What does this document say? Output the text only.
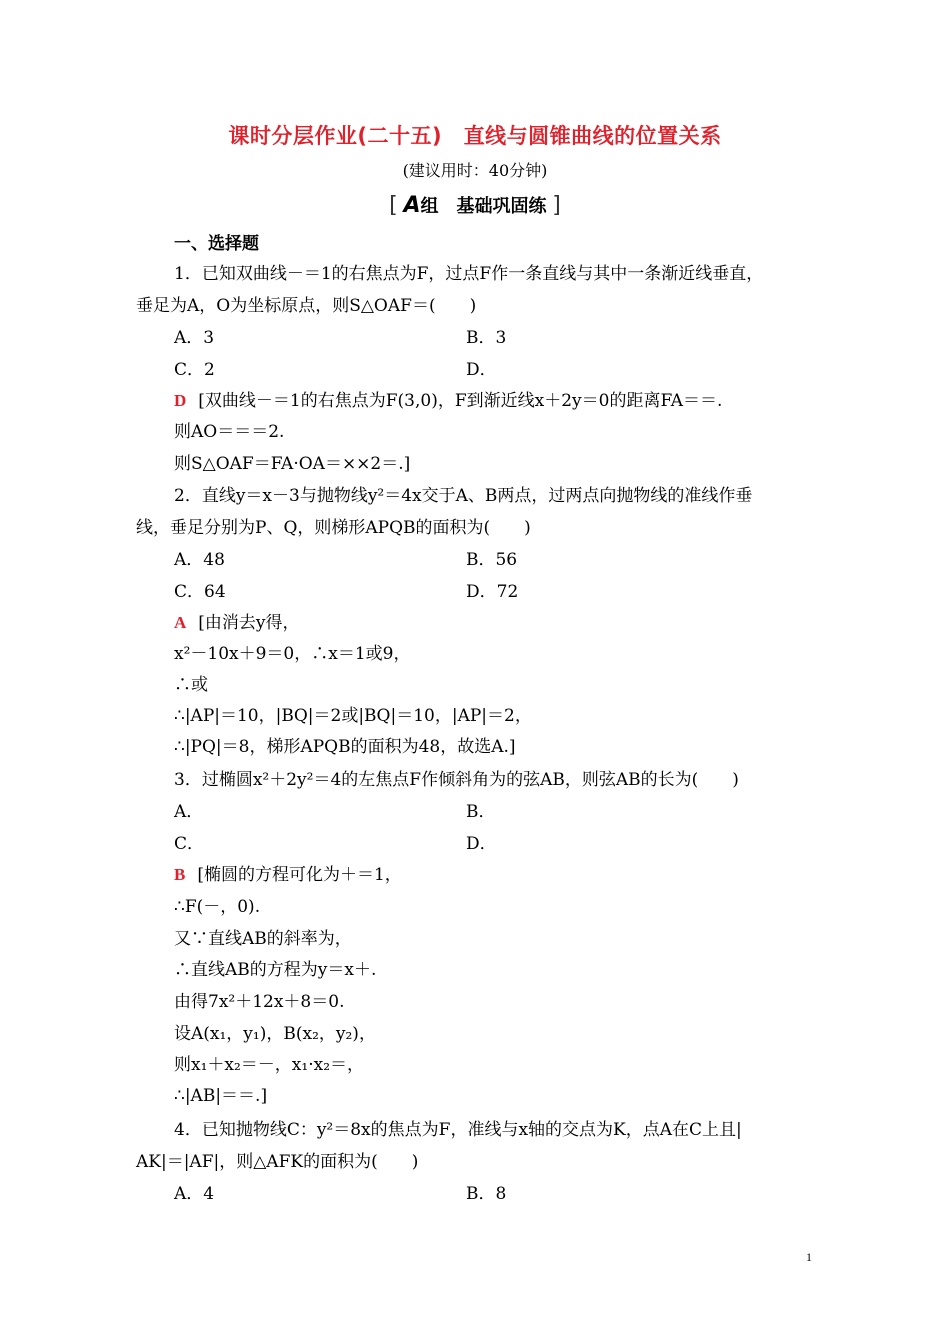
课时分层作业(二十五)　直线与圆锥曲线的位置关系
(建议用时：40分钟)
[ A组　基础巩固练 ]
一、选择题
1．已知双曲线－＝1的右焦点为F，过点F作一条直线与其中一条渐近线垂直，
垂足为A，O为坐标原点，则S△OAF＝(　　)
A．3	B．3
C．2	D．
D [双曲线－＝1的右焦点为F(3,0)，F到渐近线x＋2y＝0的距离FA＝＝.
则AO＝＝＝2.
则S△OAF＝FA·OA＝××2＝.]
2．直线y＝x－3与抛物线y²＝4x交于A、B两点，过两点向抛物线的准线作垂
线，垂足分别为P、Q，则梯形APQB的面积为(　　)
A．48	B．56
C．64	D．72
A [由消去y得，
x²－10x＋9＝0，∴x＝1或9，
∴或
∴|AP|＝10，|BQ|＝2或|BQ|＝10，|AP|＝2，
∴|PQ|＝8，梯形APQB的面积为48，故选A.]
3．过椭圆x²＋2y²＝4的左焦点F作倾斜角为的弦AB，则弦AB的长为(　　)
A．	B．
C．	D．
B [椭圆的方程可化为＋＝1，
∴F(－，0).
又∵直线AB的斜率为，
∴直线AB的方程为y＝x＋.
由得7x²＋12x＋8＝0.
设A(x₁，y₁)，B(x₂，y₂)，
则x₁＋x₂＝－，x₁·x₂＝，
∴|AB|＝＝.]
4．已知抛物线C：y²＝8x的焦点为F，准线与x轴的交点为K，点A在C上且|
AK|＝|AF|，则△AFK的面积为(　　)
A．4	B．8
1
